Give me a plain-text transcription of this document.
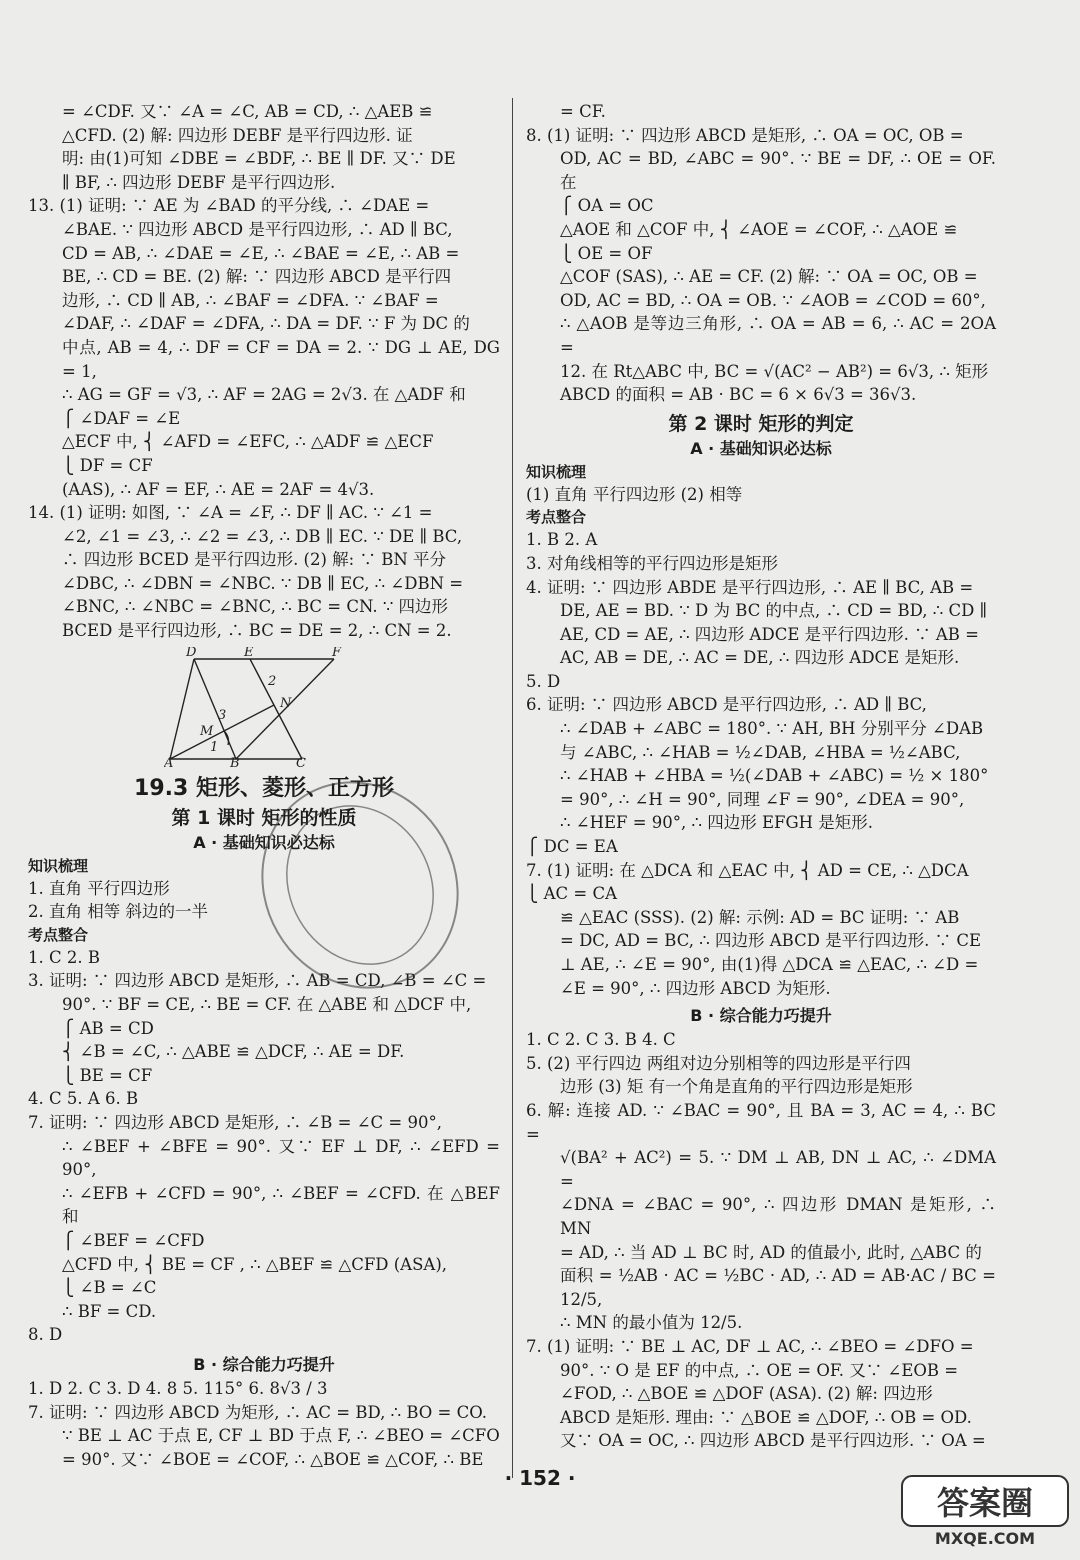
= ∠CDF. 又∵ ∠A = ∠C, AB = CD, ∴ △AEB ≌

△CFD. (2) 解: 四边形 DEBF 是平行四边形. 证

明: 由(1)可知 ∠DBE = ∠BDF, ∴ BE ∥ DF. 又∵ DE

∥ BF, ∴ 四边形 DEBF 是平行四边形.

13. (1) 证明: ∵ AE 为 ∠BAD 的平分线, ∴ ∠DAE =

∠BAE. ∵ 四边形 ABCD 是平行四边形, ∴ AD ∥ BC,

CD = AB, ∴ ∠DAE = ∠E, ∴ ∠BAE = ∠E, ∴ AB =

BE, ∴ CD = BE. (2) 解: ∵ 四边形 ABCD 是平行四

边形, ∴ CD ∥ AB, ∴ ∠BAF = ∠DFA. ∵ ∠BAF =

∠DAF, ∴ ∠DAF = ∠DFA, ∴ DA = DF. ∵ F 为 DC 的

中点, AB = 4, ∴ DF = CF = DA = 2. ∵ DG ⊥ AE, DG = 1,

∴ AG = GF = √3, ∴ AF = 2AG = 2√3. 在 △ADF 和

⎧ ∠DAF = ∠E

△ECF 中, ⎨ ∠AFD = ∠EFC, ∴ △ADF ≌ △ECF

⎩ DF = CF

(AAS), ∴ AF = EF, ∴ AE = 2AF = 4√3.

14. (1) 证明: 如图, ∵ ∠A = ∠F, ∴ DF ∥ AC. ∵ ∠1 =

∠2, ∠1 = ∠3, ∴ ∠2 = ∠3, ∴ DB ∥ EC. ∵ DE ∥ BC,

∴ 四边形 BCED 是平行四边形. (2) 解: ∵ BN 平分

∠DBC, ∴ ∠DBN = ∠NBC. ∵ DB ∥ EC, ∴ ∠DBN =

∠BNC, ∴ ∠NBC = ∠BNC, ∴ BC = CN. ∵ 四边形

BCED 是平行四边形, ∴ BC = DE = 2, ∴ CN = 2.

D	E	F
2
N
3
M
1
A	B	C
19.3 矩形、菱形、正方形
第 1 课时 矩形的性质
A · 基础知识必达标

知识梳理

1. 直角 平行四边形

2. 直角 相等 斜边的一半

考点整合

1. C 2. B

3. 证明: ∵ 四边形 ABCD 是矩形, ∴ AB = CD, ∠B = ∠C =

90°. ∵ BF = CE, ∴ BE = CF. 在 △ABE 和 △DCF 中,

⎧ AB = CD

⎨ ∠B = ∠C, ∴ △ABE ≌ △DCF, ∴ AE = DF.

⎩ BE = CF

4. C 5. A 6. B

7. 证明: ∵ 四边形 ABCD 是矩形, ∴ ∠B = ∠C = 90°,

∴ ∠BEF + ∠BFE = 90°. 又∵ EF ⊥ DF, ∴ ∠EFD = 90°,

∴ ∠EFB + ∠CFD = 90°, ∴ ∠BEF = ∠CFD. 在 △BEF 和

⎧ ∠BEF = ∠CFD

△CFD 中, ⎨ BE = CF , ∴ △BEF ≌ △CFD (ASA),

⎩ ∠B = ∠C

∴ BF = CD.

8. D

B · 综合能力巧提升

1. D 2. C 3. D 4. 8 5. 115° 6. 8√3 / 3

7. 证明: ∵ 四边形 ABCD 为矩形, ∴ AC = BD, ∴ BO = CO.

∵ BE ⊥ AC 于点 E, CF ⊥ BD 于点 F, ∴ ∠BEO = ∠CFO

= 90°. 又∵ ∠BOE = ∠COF, ∴ △BOE ≌ △COF, ∴ BE

= CF.

8. (1) 证明: ∵ 四边形 ABCD 是矩形, ∴ OA = OC, OB =

OD, AC = BD, ∠ABC = 90°. ∵ BE = DF, ∴ OE = OF. 在

⎧ OA = OC

△AOE 和 △COF 中, ⎨ ∠AOE = ∠COF, ∴ △AOE ≌

⎩ OE = OF

△COF (SAS), ∴ AE = CF. (2) 解: ∵ OA = OC, OB =

OD, AC = BD, ∴ OA = OB. ∵ ∠AOB = ∠COD = 60°,

∴ △AOB 是等边三角形, ∴ OA = AB = 6, ∴ AC = 2OA =

12. 在 Rt△ABC 中, BC = √(AC² − AB²) = 6√3, ∴ 矩形

ABCD 的面积 = AB · BC = 6 × 6√3 = 36√3.

第 2 课时 矩形的判定
A · 基础知识必达标

知识梳理

(1) 直角 平行四边形 (2) 相等

考点整合

1. B 2. A

3. 对角线相等的平行四边形是矩形

4. 证明: ∵ 四边形 ABDE 是平行四边形, ∴ AE ∥ BC, AB =

DE, AE = BD. ∵ D 为 BC 的中点, ∴ CD = BD, ∴ CD ∥

AE, CD = AE, ∴ 四边形 ADCE 是平行四边形. ∵ AB =

AC, AB = DE, ∴ AC = DE, ∴ 四边形 ADCE 是矩形.

5. D

6. 证明: ∵ 四边形 ABCD 是平行四边形, ∴ AD ∥ BC,

∴ ∠DAB + ∠ABC = 180°. ∵ AH, BH 分别平分 ∠DAB

与 ∠ABC, ∴ ∠HAB = ½∠DAB, ∠HBA = ½∠ABC,

∴ ∠HAB + ∠HBA = ½(∠DAB + ∠ABC) = ½ × 180°

= 90°, ∴ ∠H = 90°, 同理 ∠F = 90°, ∠DEA = 90°,

∴ ∠HEF = 90°, ∴ 四边形 EFGH 是矩形.

⎧ DC = EA

7. (1) 证明: 在 △DCA 和 △EAC 中, ⎨ AD = CE, ∴ △DCA

⎩ AC = CA

≌ △EAC (SSS). (2) 解: 示例: AD = BC 证明: ∵ AB

= DC, AD = BC, ∴ 四边形 ABCD 是平行四边形. ∵ CE

⊥ AE, ∴ ∠E = 90°, 由(1)得 △DCA ≌ △EAC, ∴ ∠D =

∠E = 90°, ∴ 四边形 ABCD 为矩形.

B · 综合能力巧提升

1. C 2. C 3. B 4. C

5. (2) 平行四边 两组对边分别相等的四边形是平行四

边形 (3) 矩 有一个角是直角的平行四边形是矩形

6. 解: 连接 AD. ∵ ∠BAC = 90°, 且 BA = 3, AC = 4, ∴ BC =

√(BA² + AC²) = 5. ∵ DM ⊥ AB, DN ⊥ AC, ∴ ∠DMA =

∠DNA = ∠BAC = 90°, ∴ 四边形 DMAN 是矩形, ∴ MN

= AD, ∴ 当 AD ⊥ BC 时, AD 的值最小, 此时, △ABC 的

面积 = ½AB · AC = ½BC · AD, ∴ AD = AB·AC / BC = 12/5,

∴ MN 的最小值为 12/5.

7. (1) 证明: ∵ BE ⊥ AC, DF ⊥ AC, ∴ ∠BEO = ∠DFO =

90°. ∵ O 是 EF 的中点, ∴ OE = OF. 又∵ ∠EOB =

∠FOD, ∴ △BOE ≌ △DOF (ASA). (2) 解: 四边形

ABCD 是矩形. 理由: ∵ △BOE ≌ △DOF, ∴ OB = OD.

又∵ OA = OC, ∴ 四边形 ABCD 是平行四边形. ∵ OA =

· 152 ·
答案圈
MXQE.COM
